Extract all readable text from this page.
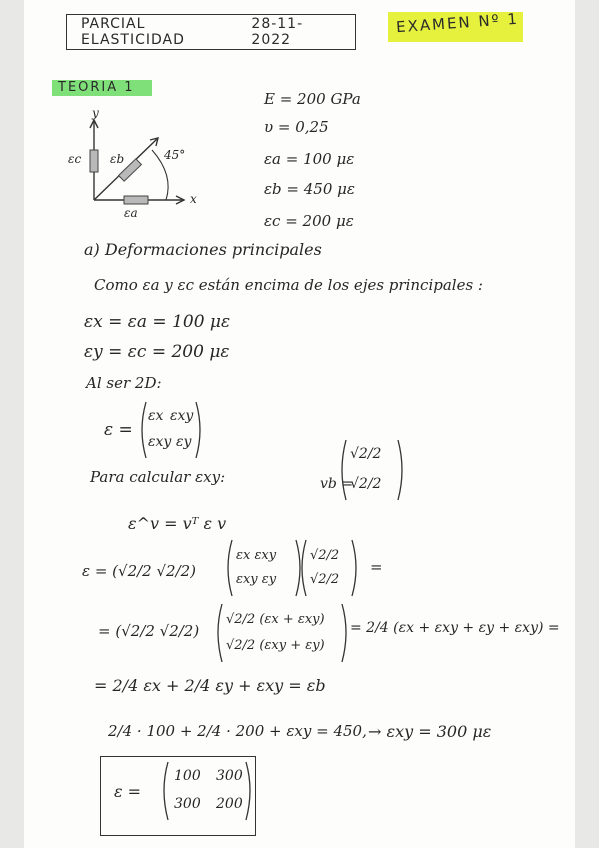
PARCIAL ELASTICIDAD
28-11-2022
EXAMEN Nº 1
TEORIA 1
y
x
45°
εc εb
εa
E = 200 GPa
υ = 0,25
εa = 100 με
εb = 450 με
εc = 200 με
a) Deformaciones principales
Como εa y εc están encima de los ejes principales :
εx = εa = 100 με
εy = εc = 200 με
Al ser 2D:
ε =
εx εxy
εxy εy
Para calcular εxy:	vb =
√2/2
√2/2
ε^v = vᵀ ε v
ε = (√2/2 √2/2)
εx εxy
εxy εy
√2/2
√2/2
=
= (√2/2 √2/2)
√2/2 (εx + εxy)
√2/2 (εxy + εy)
= 2/4 (εx + εxy + εy + εxy) =
= 2/4 εx + 2/4 εy + εxy = εb
2/4 · 100 + 2/4 · 200 + εxy = 450, → εxy = 300 με
ε =
100 300
300 200
